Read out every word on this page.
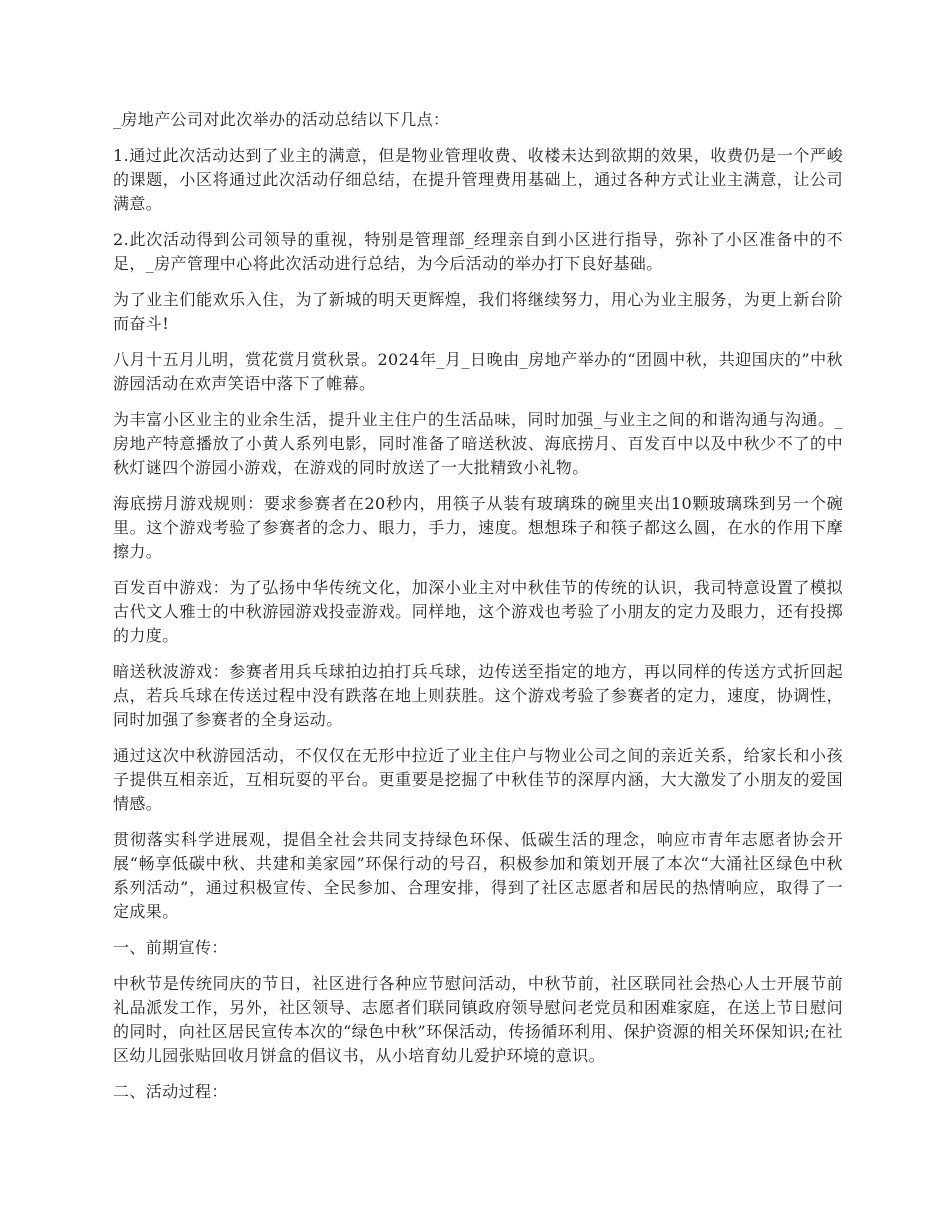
_房地产公司对此次举办的活动总结以下几点：

1.通过此次活动达到了业主的满意，但是物业管理收费、收楼未达到欲期的效果，收费仍是一个严峻的课题，小区将通过此次活动仔细总结，在提升管理费用基础上，通过各种方式让业主满意，让公司满意。

2.此次活动得到公司领导的重视，特别是管理部_经理亲自到小区进行指导，弥补了小区准备中的不足，_房产管理中心将此次活动进行总结，为今后活动的举办打下良好基础。

为了业主们能欢乐入住，为了新城的明天更辉煌，我们将继续努力，用心为业主服务，为更上新台阶而奋斗!

八月十五月儿明，赏花赏月赏秋景。2024年_月_日晚由_房地产举办的“团圆中秋，共迎国庆的”中秋游园活动在欢声笑语中落下了帷幕。

为丰富小区业主的业余生活，提升业主住户的生活品味，同时加强_与业主之间的和谐沟通与沟通。_房地产特意播放了小黄人系列电影，同时准备了暗送秋波、海底捞月、百发百中以及中秋少不了的中秋灯谜四个游园小游戏，在游戏的同时放送了一大批精致小礼物。

海底捞月游戏规则：要求参赛者在20秒内，用筷子从装有玻璃珠的碗里夹出10颗玻璃珠到另一个碗里。这个游戏考验了参赛者的念力、眼力，手力，速度。想想珠子和筷子都这么圆，在水的作用下摩擦力。

百发百中游戏：为了弘扬中华传统文化，加深小业主对中秋佳节的传统的认识，我司特意设置了模拟古代文人雅士的中秋游园游戏投壶游戏。同样地，这个游戏也考验了小朋友的定力及眼力，还有投掷的力度。

暗送秋波游戏：参赛者用兵乓球拍边拍打兵乓球，边传送至指定的地方，再以同样的传送方式折回起点，若兵乓球在传送过程中没有跌落在地上则获胜。这个游戏考验了参赛者的定力，速度，协调性，同时加强了参赛者的全身运动。

通过这次中秋游园活动，不仅仅在无形中拉近了业主住户与物业公司之间的亲近关系，给家长和小孩子提供互相亲近，互相玩耍的平台。更重要是挖掘了中秋佳节的深厚内涵，大大激发了小朋友的爱国情感。

贯彻落实科学进展观，提倡全社会共同支持绿色环保、低碳生活的理念，响应市青年志愿者协会开展“畅享低碳中秋、共建和美家园”环保行动的号召，积极参加和策划开展了本次“大涌社区绿色中秋系列活动”，通过积极宣传、全民参加、合理安排，得到了社区志愿者和居民的热情响应，取得了一定成果。

一、前期宣传：

中秋节是传统同庆的节日，社区进行各种应节慰问活动，中秋节前，社区联同社会热心人士开展节前礼品派发工作，另外，社区领导、志愿者们联同镇政府领导慰问老党员和困难家庭，在送上节日慰问的同时，向社区居民宣传本次的“绿色中秋”环保活动，传扬循环利用、保护资源的相关环保知识;在社区幼儿园张贴回收月饼盒的倡议书，从小培育幼儿爱护环境的意识。

二、活动过程：
